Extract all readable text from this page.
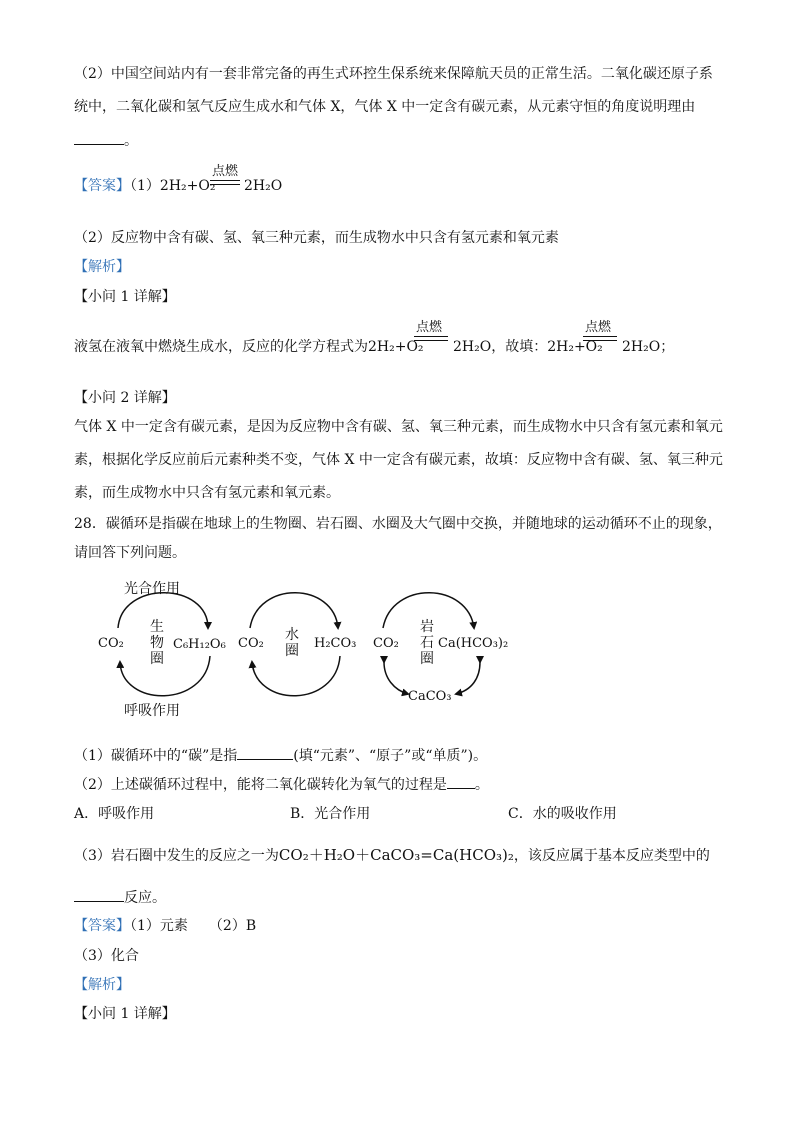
（2）中国空间站内有一套非常完备的再生式环控生保系统来保障航天员的正常生活。二氧化碳还原子系
统中，二氧化碳和氢气反应生成水和气体 X，气体 X 中一定含有碳元素，从元素守恒的角度说明理由
。
【答案】（1）2H₂+O₂
点燃
2H₂O
（2）反应物中含有碳、氢、氧三种元素，而生成物水中只含有氢元素和氧元素
【解析】
【小问 1 详解】
液氢在液氧中燃烧生成水，反应的化学方程式为2H₂+O₂
点燃
2H₂O，故填：2H₂+O₂
点燃
2H₂O；
【小问 2 详解】
气体 X 中一定含有碳元素，是因为反应物中含有碳、氢、氧三种元素，而生成物水中只含有氢元素和氧元
素，根据化学反应前后元素种类不变，气体 X 中一定含有碳元素，故填：反应物中含有碳、氢、氧三种元
素，而生成物水中只含有氢元素和氧元素。
28．碳循环是指碳在地球上的生物圈、岩石圈、水圈及大气圈中交换，并随地球的运动循环不止的现象，
请回答下列问题。
光合作用
呼吸作用
CO₂	C₆H₁₂O₆
生物圈
CO₂	H₂CO₃
水圈	CO₂	Ca(HCO₃)₂
岩石圈
CaCO₃
（1）碳循环中的“碳”是指	(填“元素”、“原子”或“单质”)。
（2）上述碳循环过程中，能将二氧化碳转化为氧气的过程是 。
A．呼吸作用	B．光合作用	C．水的吸收作用
（3）岩石圈中发生的反应之一为CO₂＋H₂O＋CaCO₃=Ca(HCO₃)₂，该反应属于基本反应类型中的
反应。
【答案】（1）元素　　（2）B
（3）化合
【解析】
【小问 1 详解】
